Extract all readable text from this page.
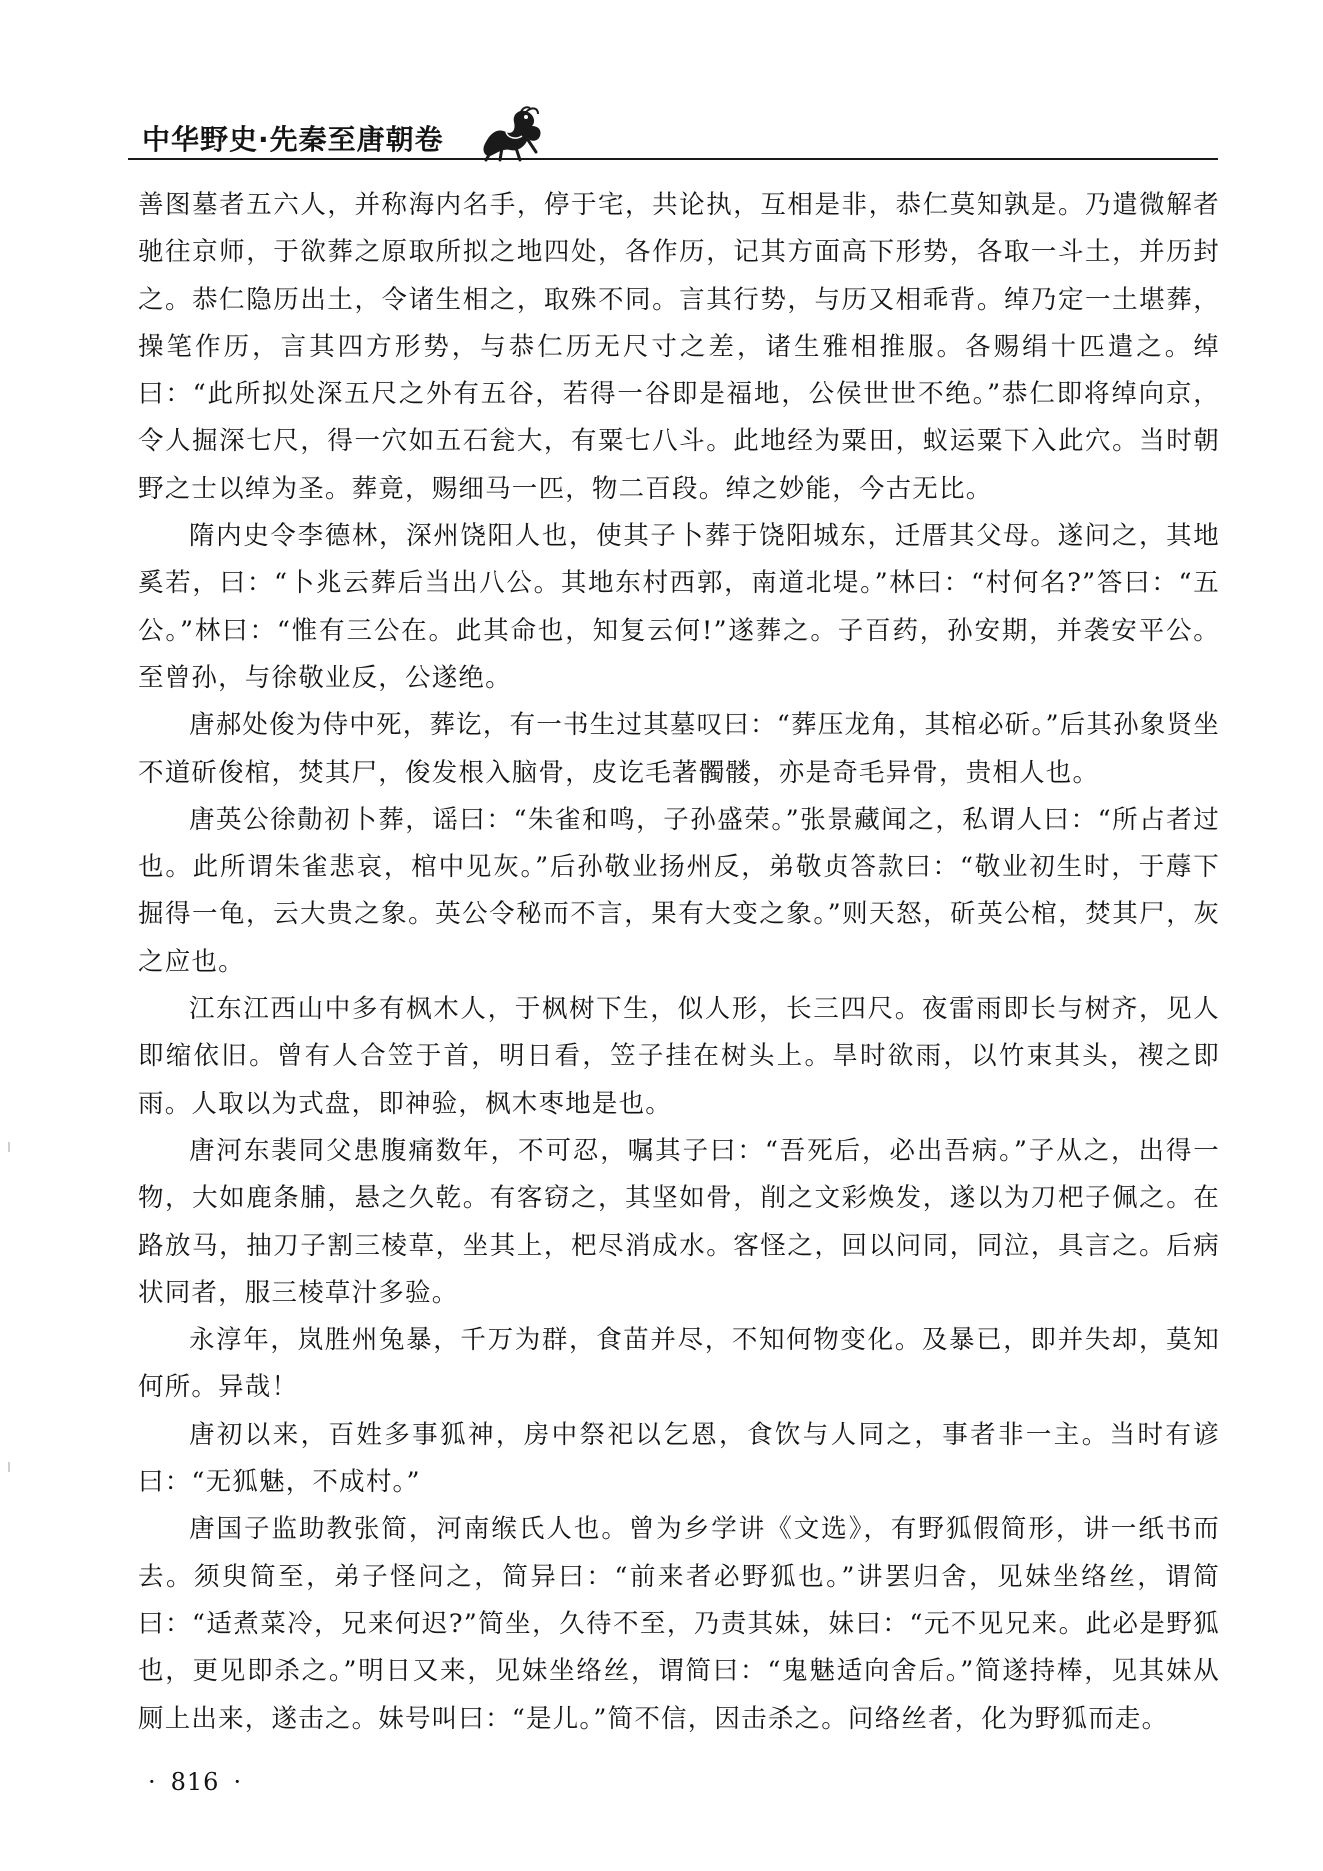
中华野史·先秦至唐朝卷

善图墓者五六人，并称海内名手，停于宅，共论执，互相是非，恭仁莫知孰是。乃遣微解者驰往京师，于欲葬之原取所拟之地四处，各作历，记其方面高下形势，各取一斗土，并历封之。恭仁隐历出土，令诸生相之，取殊不同。言其行势，与历又相乖背。绰乃定一土堪葬，操笔作历，言其四方形势，与恭仁历无尺寸之差，诸生雅相推服。各赐绢十匹遣之。绰曰：“此所拟处深五尺之外有五谷，若得一谷即是福地，公侯世世不绝。”恭仁即将绰向京，令人掘深七尺，得一穴如五石瓮大，有粟七八斗。此地经为粟田，蚁运粟下入此穴。当时朝野之士以绰为圣。葬竟，赐细马一匹，物二百段。绰之妙能，今古无比。

隋内史令李德林，深州饶阳人也，使其子卜葬于饶阳城东，迁厝其父母。遂问之，其地奚若，曰：“卜兆云葬后当出八公。其地东村西郭，南道北堤。”林曰：“村何名?”答曰：“五公。”林曰：“惟有三公在。此其命也，知复云何!”遂葬之。子百药，孙安期，并袭安平公。至曾孙，与徐敬业反，公遂绝。

唐郝处俊为侍中死，葬讫，有一书生过其墓叹曰：“葬压龙角，其棺必斫。”后其孙象贤坐不道斫俊棺，焚其尸，俊发根入脑骨，皮讫毛著髑髅，亦是奇毛异骨，贵相人也。

唐英公徐勣初卜葬，谣曰：“朱雀和鸣，子孙盛荣。”张景藏闻之，私谓人曰：“所占者过也。此所谓朱雀悲哀，棺中见灰。”后孙敬业扬州反，弟敬贞答款曰：“敬业初生时，于蓐下掘得一龟，云大贵之象。英公令秘而不言，果有大变之象。”则天怒，斫英公棺，焚其尸，灰之应也。

江东江西山中多有枫木人，于枫树下生，似人形，长三四尺。夜雷雨即长与树齐，见人即缩依旧。曾有人合笠于首，明日看，笠子挂在树头上。旱时欲雨，以竹束其头，禊之即雨。人取以为式盘，即神验，枫木枣地是也。

唐河东裴同父患腹痛数年，不可忍，嘱其子曰：“吾死后，必出吾病。”子从之，出得一物，大如鹿条脯，悬之久乾。有客窃之，其坚如骨，削之文彩焕发，遂以为刀杷子佩之。在路放马，抽刀子割三棱草，坐其上，杷尽消成水。客怪之，回以问同，同泣，具言之。后病状同者，服三棱草汁多验。

永淳年，岚胜州兔暴，千万为群，食苗并尽，不知何物变化。及暴已，即并失却，莫知何所。异哉！

唐初以来，百姓多事狐神，房中祭祀以乞恩，食饮与人同之，事者非一主。当时有谚曰：“无狐魅，不成村。”

唐国子监助教张简，河南缑氏人也。曾为乡学讲《文选》，有野狐假简形，讲一纸书而去。须臾简至，弟子怪问之，简异曰：“前来者必野狐也。”讲罢归舍，见妹坐络丝，谓简曰：“适煮菜冷，兄来何迟?”简坐，久待不至，乃责其妹，妹曰：“元不见兄来。此必是野狐也，更见即杀之。”明日又来，见妹坐络丝，谓简曰：“鬼魅适向舍后。”简遂持棒，见其妹从厕上出来，遂击之。妹号叫曰：“是儿。”简不信，因击杀之。问络丝者，化为野狐而走。

· 816 ·
